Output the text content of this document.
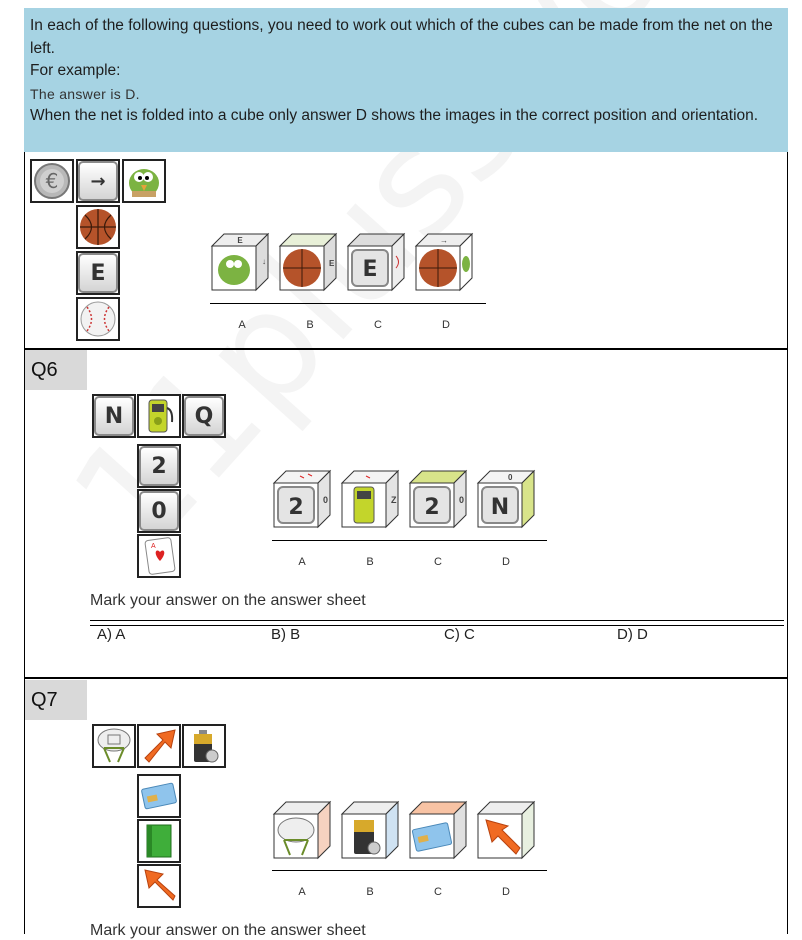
In each of the following questions, you need to work out which of the cubes can be made from the net on the left.
For example:
The answer is D.
When the net is folded into a cube only answer D shows the images in the correct position and orientation.
€	→
E
E
↓	E E
→
A	B	C	D
Q6
N	Q
2
0
A
2 0	Z 2 0 N
0
A	B	C	D
Mark your answer on the answer sheet
A) A	B) B	C) C	D) D
Q7
A	B	C	D
Mark your answer on the answer sheet
